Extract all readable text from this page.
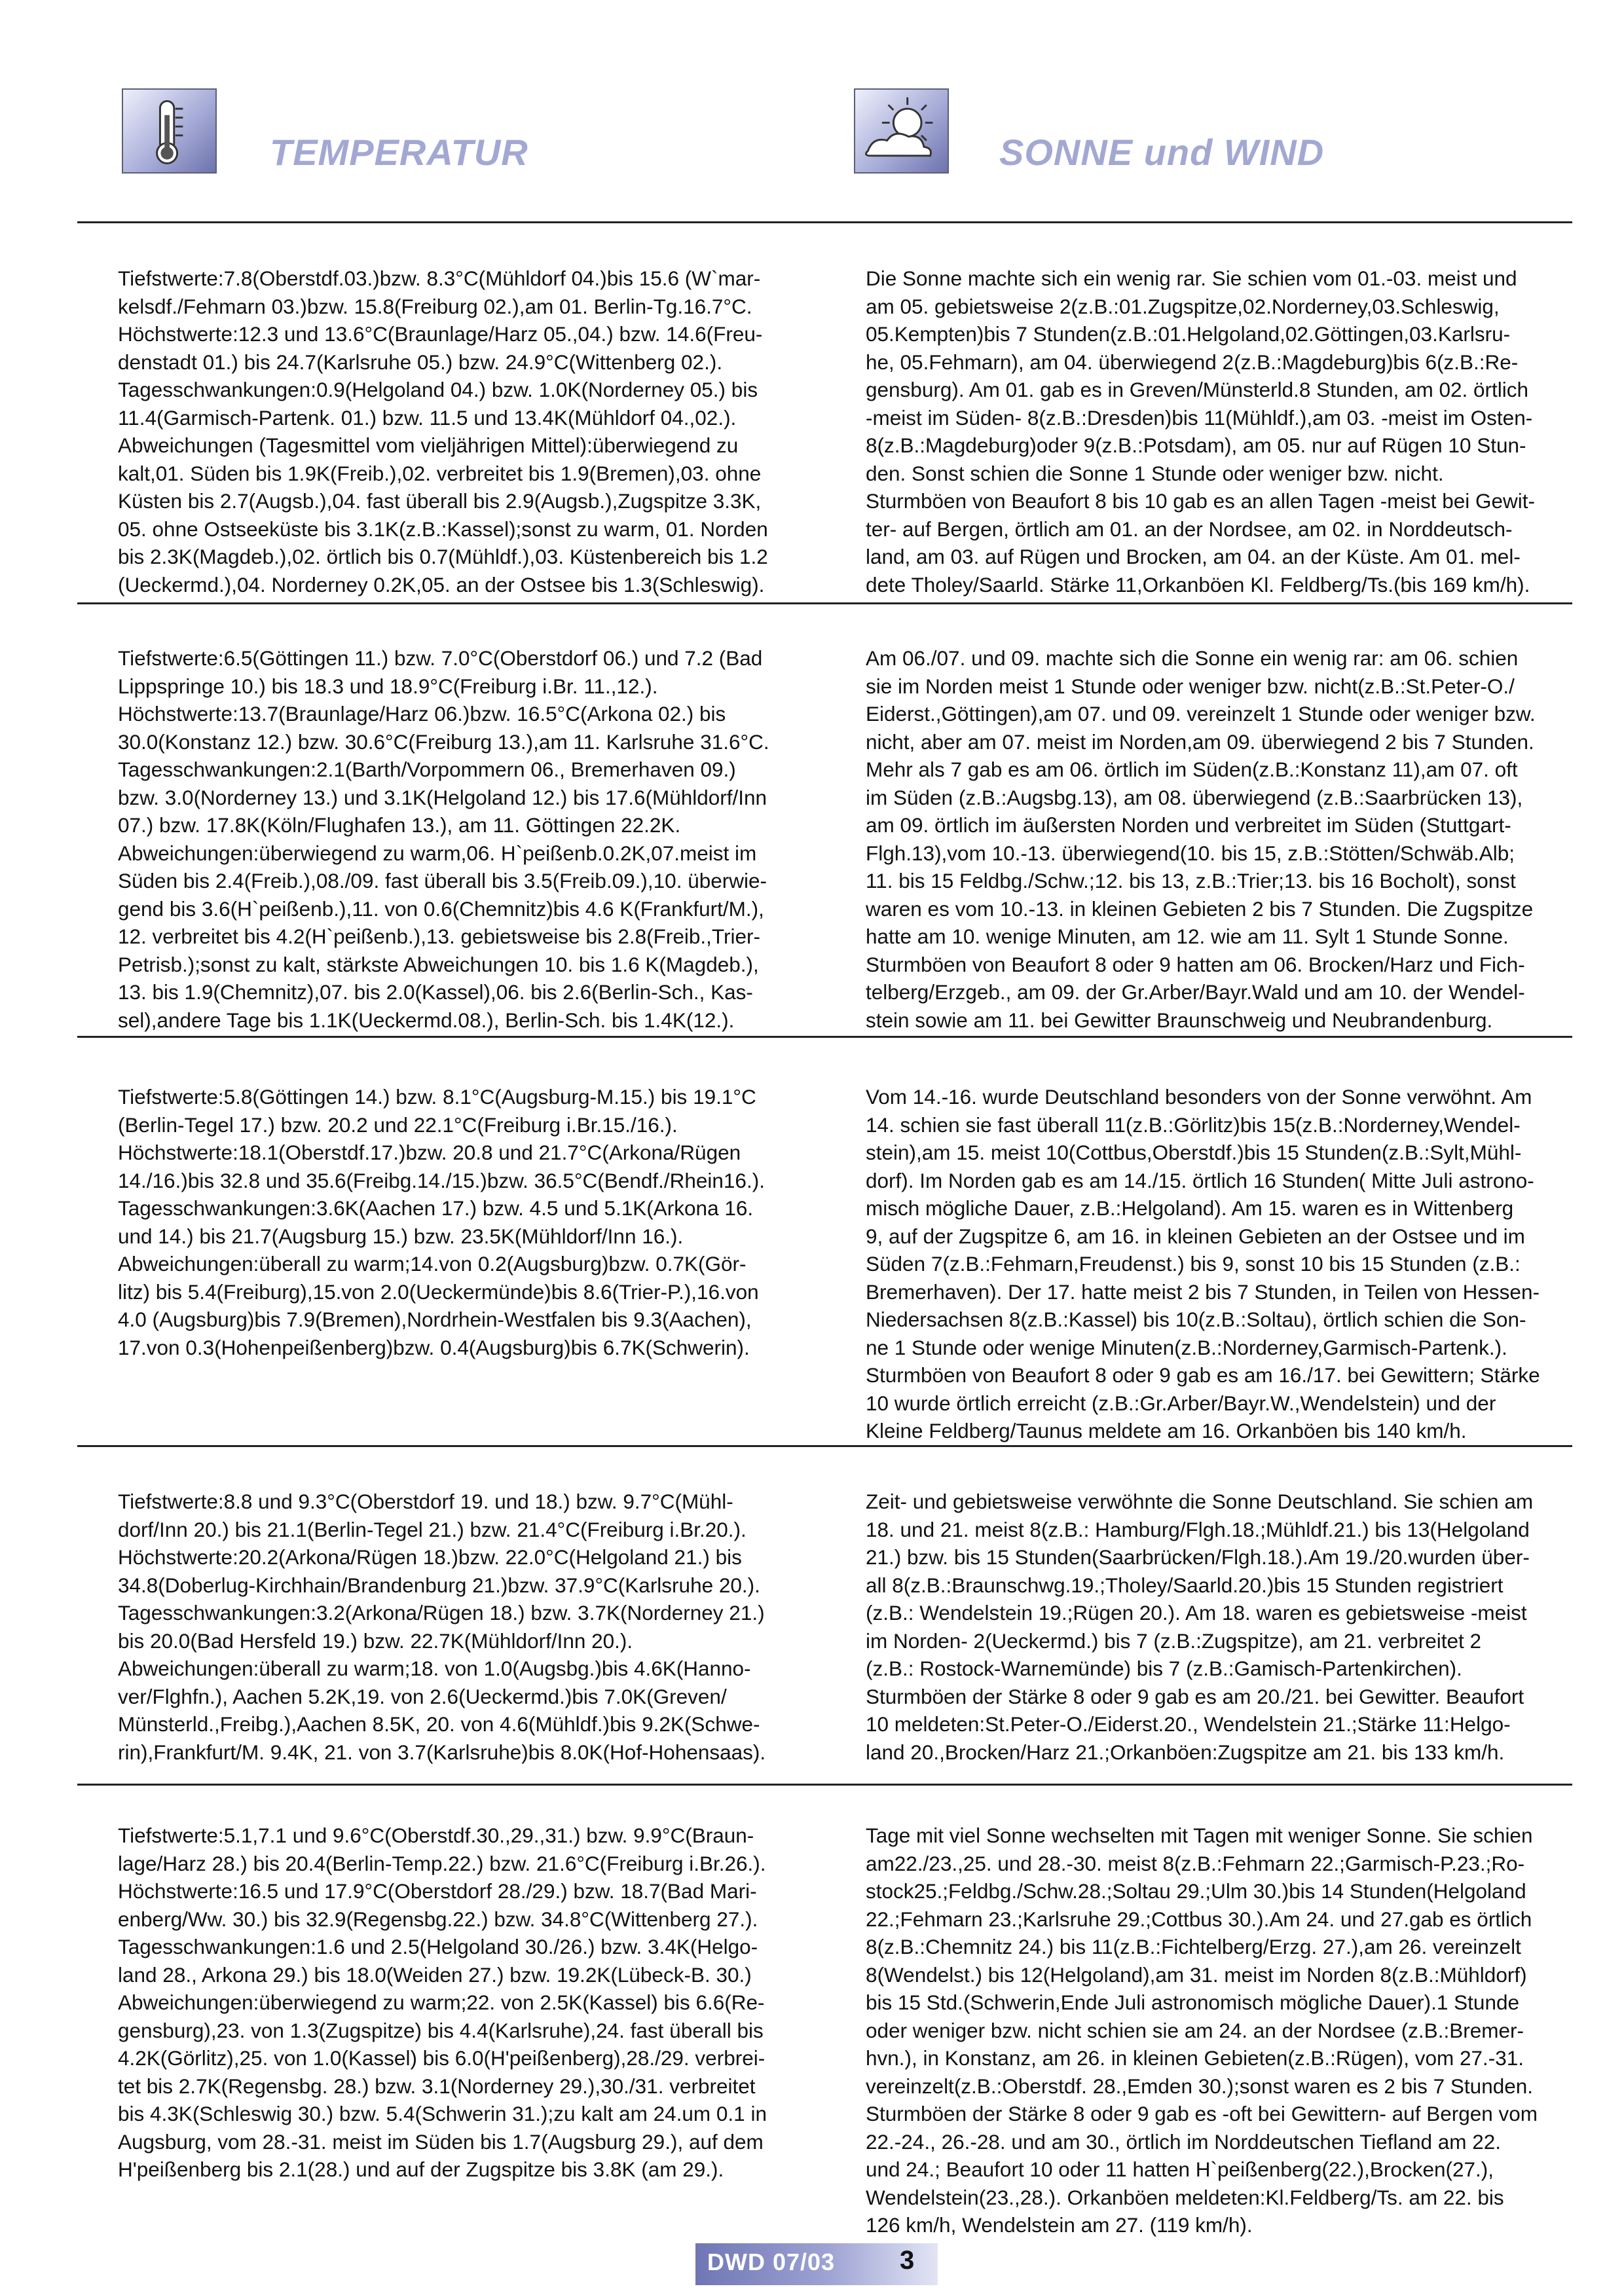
TEMPERATUR	SONNE und WIND
Tiefstwerte:7.8(Oberstdf.03.)bzw. 8.3°C(Mühldorf 04.)bis 15.6 (W`mar-
kelsdf./Fehmarn 03.)bzw. 15.8(Freiburg 02.),am 01. Berlin-Tg.16.7°C.
Höchstwerte:12.3 und 13.6°C(Braunlage/Harz 05.,04.) bzw. 14.6(Freu-
denstadt 01.) bis 24.7(Karlsruhe 05.) bzw. 24.9°C(Wittenberg 02.).
Tagesschwankungen:0.9(Helgoland 04.) bzw. 1.0K(Norderney 05.) bis
11.4(Garmisch-Partenk. 01.) bzw. 11.5 und 13.4K(Mühldorf 04.,02.).
Abweichungen (Tagesmittel vom vieljährigen Mittel):überwiegend zu
kalt,01. Süden bis 1.9K(Freib.),02. verbreitet bis 1.9(Bremen),03. ohne
Küsten bis 2.7(Augsb.),04. fast überall bis 2.9(Augsb.),Zugspitze 3.3K,
05. ohne Ostseeküste bis 3.1K(z.B.:Kassel);sonst zu warm, 01. Norden
bis 2.3K(Magdeb.),02. örtlich bis 0.7(Mühldf.),03. Küstenbereich bis 1.2
(Ueckermd.),04. Norderney 0.2K,05. an der Ostsee bis 1.3(Schleswig).
Die Sonne machte sich ein wenig rar. Sie schien vom 01.-03. meist und
am 05. gebietsweise 2(z.B.:01.Zugspitze,02.Norderney,03.Schleswig,
05.Kempten)bis 7 Stunden(z.B.:01.Helgoland,02.Göttingen,03.Karlsru-
he, 05.Fehmarn), am 04. überwiegend 2(z.B.:Magdeburg)bis 6(z.B.:Re-
gensburg). Am 01. gab es in Greven/Münsterld.8 Stunden, am 02. örtlich
-meist im Süden- 8(z.B.:Dresden)bis 11(Mühldf.),am 03. -meist im Osten-
8(z.B.:Magdeburg)oder 9(z.B.:Potsdam), am 05. nur auf Rügen 10 Stun-
den. Sonst schien die Sonne 1 Stunde oder weniger bzw. nicht.
Sturmböen von Beaufort 8 bis 10 gab es an allen Tagen -meist bei Gewit-
ter- auf Bergen, örtlich am 01. an der Nordsee, am 02. in Norddeutsch-
land, am 03. auf Rügen und Brocken, am 04. an der Küste. Am 01. mel-
dete Tholey/Saarld. Stärke 11,Orkanböen Kl. Feldberg/Ts.(bis 169 km/h).
Tiefstwerte:6.5(Göttingen 11.) bzw. 7.0°C(Oberstdorf 06.) und 7.2 (Bad
Lippspringe 10.) bis 18.3 und 18.9°C(Freiburg i.Br. 11.,12.).
Höchstwerte:13.7(Braunlage/Harz 06.)bzw. 16.5°C(Arkona 02.) bis
30.0(Konstanz 12.) bzw. 30.6°C(Freiburg 13.),am 11. Karlsruhe 31.6°C.
Tagesschwankungen:2.1(Barth/Vorpommern 06., Bremerhaven 09.)
bzw. 3.0(Norderney 13.) und 3.1K(Helgoland 12.) bis 17.6(Mühldorf/Inn
07.) bzw. 17.8K(Köln/Flughafen 13.), am 11. Göttingen 22.2K.
Abweichungen:überwiegend zu warm,06. H`peißenb.0.2K,07.meist im
Süden bis 2.4(Freib.),08./09. fast überall bis 3.5(Freib.09.),10. überwie-
gend bis 3.6(H`peißenb.),11. von 0.6(Chemnitz)bis 4.6 K(Frankfurt/M.),
12. verbreitet bis 4.2(H`peißenb.),13. gebietsweise bis 2.8(Freib.,Trier-
Petrisb.);sonst zu kalt, stärkste Abweichungen 10. bis 1.6 K(Magdeb.),
13. bis 1.9(Chemnitz),07. bis 2.0(Kassel),06. bis 2.6(Berlin-Sch., Kas-
sel),andere Tage bis 1.1K(Ueckermd.08.), Berlin-Sch. bis 1.4K(12.).
Am 06./07. und 09. machte sich die Sonne ein wenig rar: am 06. schien
sie im Norden meist 1 Stunde oder weniger bzw. nicht(z.B.:St.Peter-O./
Eiderst.,Göttingen),am 07. und 09. vereinzelt 1 Stunde oder weniger bzw.
nicht, aber am 07. meist im Norden,am 09. überwiegend 2 bis 7 Stunden.
Mehr als 7 gab es am 06. örtlich im Süden(z.B.:Konstanz 11),am 07. oft
im Süden (z.B.:Augsbg.13), am 08. überwiegend (z.B.:Saarbrücken 13),
am 09. örtlich im äußersten Norden und verbreitet im Süden (Stuttgart-
Flgh.13),vom 10.-13. überwiegend(10. bis 15, z.B.:Stötten/Schwäb.Alb;
11. bis 15 Feldbg./Schw.;12. bis 13, z.B.:Trier;13. bis 16 Bocholt), sonst
waren es vom 10.-13. in kleinen Gebieten 2 bis 7 Stunden. Die Zugspitze
hatte am 10. wenige Minuten, am 12. wie am 11. Sylt 1 Stunde Sonne.
Sturmböen von Beaufort 8 oder 9 hatten am 06. Brocken/Harz und Fich-
telberg/Erzgeb., am 09. der Gr.Arber/Bayr.Wald und am 10. der Wendel-
stein sowie am 11. bei Gewitter Braunschweig und Neubrandenburg.
Tiefstwerte:5.8(Göttingen 14.) bzw. 8.1°C(Augsburg-M.15.) bis 19.1°C
(Berlin-Tegel 17.) bzw. 20.2 und 22.1°C(Freiburg i.Br.15./16.).
Höchstwerte:18.1(Oberstdf.17.)bzw. 20.8 und 21.7°C(Arkona/Rügen
14./16.)bis 32.8 und 35.6(Freibg.14./15.)bzw. 36.5°C(Bendf./Rhein16.).
Tagesschwankungen:3.6K(Aachen 17.) bzw. 4.5 und 5.1K(Arkona 16.
und 14.) bis 21.7(Augsburg 15.) bzw. 23.5K(Mühldorf/Inn 16.).
Abweichungen:überall zu warm;14.von 0.2(Augsburg)bzw. 0.7K(Gör-
litz) bis 5.4(Freiburg),15.von 2.0(Ueckermünde)bis 8.6(Trier-P.),16.von
4.0 (Augsburg)bis 7.9(Bremen),Nordrhein-Westfalen bis 9.3(Aachen),
17.von 0.3(Hohenpeißenberg)bzw. 0.4(Augsburg)bis 6.7K(Schwerin).
Vom 14.-16. wurde Deutschland besonders von der Sonne verwöhnt. Am
14. schien sie fast überall 11(z.B.:Görlitz)bis 15(z.B.:Norderney,Wendel-
stein),am 15. meist 10(Cottbus,Oberstdf.)bis 15 Stunden(z.B.:Sylt,Mühl-
dorf). Im Norden gab es am 14./15. örtlich 16 Stunden( Mitte Juli astrono-
misch mögliche Dauer, z.B.:Helgoland). Am 15. waren es in Wittenberg
9, auf der Zugspitze 6, am 16. in kleinen Gebieten an der Ostsee und im
Süden 7(z.B.:Fehmarn,Freudenst.) bis 9, sonst 10 bis 15 Stunden (z.B.:
Bremerhaven). Der 17. hatte meist 2 bis 7 Stunden, in Teilen von Hessen-
Niedersachsen 8(z.B.:Kassel) bis 10(z.B.:Soltau), örtlich schien die Son-
ne 1 Stunde oder wenige Minuten(z.B.:Norderney,Garmisch-Partenk.).
Sturmböen von Beaufort 8 oder 9 gab es am 16./17. bei Gewittern; Stärke
10 wurde örtlich erreicht (z.B.:Gr.Arber/Bayr.W.,Wendelstein) und der
Kleine Feldberg/Taunus meldete am 16. Orkanböen bis 140 km/h.
Tiefstwerte:8.8 und 9.3°C(Oberstdorf 19. und 18.) bzw. 9.7°C(Mühl-
dorf/Inn 20.) bis 21.1(Berlin-Tegel 21.) bzw. 21.4°C(Freiburg i.Br.20.).
Höchstwerte:20.2(Arkona/Rügen 18.)bzw. 22.0°C(Helgoland 21.) bis
34.8(Doberlug-Kirchhain/Brandenburg 21.)bzw. 37.9°C(Karlsruhe 20.).
Tagesschwankungen:3.2(Arkona/Rügen 18.) bzw. 3.7K(Norderney 21.)
bis 20.0(Bad Hersfeld 19.) bzw. 22.7K(Mühldorf/Inn 20.).
Abweichungen:überall zu warm;18. von 1.0(Augsbg.)bis 4.6K(Hanno-
ver/Flghfn.), Aachen 5.2K,19. von 2.6(Ueckermd.)bis 7.0K(Greven/
Münsterld.,Freibg.),Aachen 8.5K, 20. von 4.6(Mühldf.)bis 9.2K(Schwe-
rin),Frankfurt/M. 9.4K, 21. von 3.7(Karlsruhe)bis 8.0K(Hof-Hohensaas).
Zeit- und gebietsweise verwöhnte die Sonne Deutschland. Sie schien am
18. und 21. meist 8(z.B.: Hamburg/Flgh.18.;Mühldf.21.) bis 13(Helgoland
21.) bzw. bis 15 Stunden(Saarbrücken/Flgh.18.).Am 19./20.wurden über-
all 8(z.B.:Braunschwg.19.;Tholey/Saarld.20.)bis 15 Stunden registriert
(z.B.: Wendelstein 19.;Rügen 20.). Am 18. waren es gebietsweise -meist
im Norden- 2(Ueckermd.) bis 7 (z.B.:Zugspitze), am 21. verbreitet 2
(z.B.: Rostock-Warnemünde) bis 7 (z.B.:Gamisch-Partenkirchen).
Sturmböen der Stärke 8 oder 9 gab es am 20./21. bei Gewitter. Beaufort
10 meldeten:St.Peter-O./Eiderst.20., Wendelstein 21.;Stärke 11:Helgo-
land 20.,Brocken/Harz 21.;Orkanböen:Zugspitze am 21. bis 133 km/h.
Tiefstwerte:5.1,7.1 und 9.6°C(Oberstdf.30.,29.,31.) bzw. 9.9°C(Braun-
lage/Harz 28.) bis 20.4(Berlin-Temp.22.) bzw. 21.6°C(Freiburg i.Br.26.).
Höchstwerte:16.5 und 17.9°C(Oberstdorf 28./29.) bzw. 18.7(Bad Mari-
enberg/Ww. 30.) bis 32.9(Regensbg.22.) bzw. 34.8°C(Wittenberg 27.).
Tagesschwankungen:1.6 und 2.5(Helgoland 30./26.) bzw. 3.4K(Helgo-
land 28., Arkona 29.) bis 18.0(Weiden 27.) bzw. 19.2K(Lübeck-B. 30.)
Abweichungen:überwiegend zu warm;22. von 2.5K(Kassel) bis 6.6(Re-
gensburg),23. von 1.3(Zugspitze) bis 4.4(Karlsruhe),24. fast überall bis
4.2K(Görlitz),25. von 1.0(Kassel) bis 6.0(H'peißenberg),28./29. verbrei-
tet bis 2.7K(Regensbg. 28.) bzw. 3.1(Norderney 29.),30./31. verbreitet
bis 4.3K(Schleswig 30.) bzw. 5.4(Schwerin 31.);zu kalt am 24.um 0.1 in
Augsburg, vom 28.-31. meist im Süden bis 1.7(Augsburg 29.), auf dem
H'peißenberg bis 2.1(28.) und auf der Zugspitze bis 3.8K (am 29.).
Tage mit viel Sonne wechselten mit Tagen mit weniger Sonne. Sie schien
am22./23.,25. und 28.-30. meist 8(z.B.:Fehmarn 22.;Garmisch-P.23.;Ro-
stock25.;Feldbg./Schw.28.;Soltau 29.;Ulm 30.)bis 14 Stunden(Helgoland
22.;Fehmarn 23.;Karlsruhe 29.;Cottbus 30.).Am 24. und 27.gab es örtlich
8(z.B.:Chemnitz 24.) bis 11(z.B.:Fichtelberg/Erzg. 27.),am 26. vereinzelt
8(Wendelst.) bis 12(Helgoland),am 31. meist im Norden 8(z.B.:Mühldorf)
bis 15 Std.(Schwerin,Ende Juli astronomisch mögliche Dauer).1 Stunde
oder weniger bzw. nicht schien sie am 24. an der Nordsee (z.B.:Bremer-
hvn.), in Konstanz, am 26. in kleinen Gebieten(z.B.:Rügen), vom 27.-31.
vereinzelt(z.B.:Oberstdf. 28.,Emden 30.);sonst waren es 2 bis 7 Stunden.
Sturmböen der Stärke 8 oder 9 gab es -oft bei Gewittern- auf Bergen vom
22.-24., 26.-28. und am 30., örtlich im Norddeutschen Tiefland am 22.
und 24.; Beaufort 10 oder 11 hatten H`peißenberg(22.),Brocken(27.),
Wendelstein(23.,28.). Orkanböen meldeten:Kl.Feldberg/Ts. am 22. bis
126 km/h, Wendelstein am 27. (119 km/h).
DWD 07/03 3
